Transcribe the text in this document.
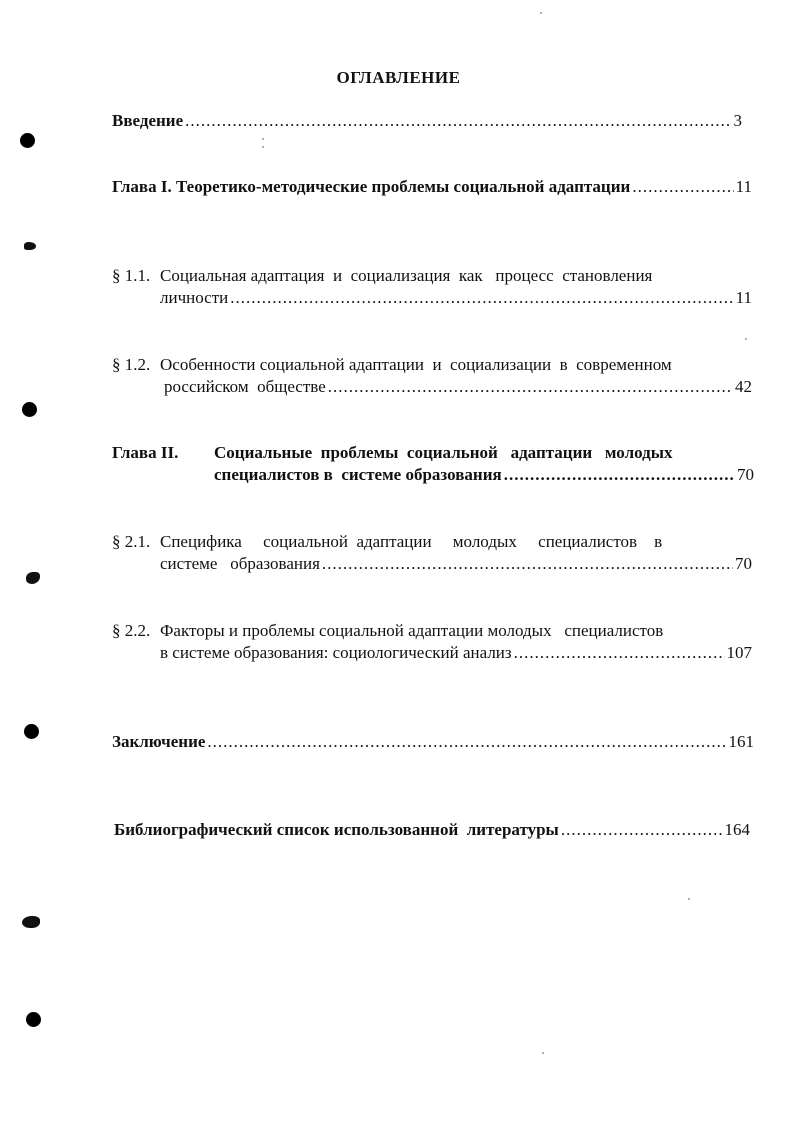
ОГЛАВЛЕНИЕ
Введение .....	3
Глава I. Теоретико-методические проблемы социальной адаптации .....	11
§ 1.1. Социальная адаптация  и  социализация  как   процесс  становления
личности .....	11
§ 1.2. Особенности социальной адаптации  и  социализации  в  современном
российском  обществе .....	42
Глава II. Социальные  проблемы  социальной   адаптации   молодых
специалистов в  системе образования .....	70
§ 2.1. Специфика     социальной  адаптации     молодых     специалистов    в
системе   образования .....	70
§ 2.2. Факторы и проблемы социальной адаптации молодых   специалистов
в системе образования: социологический анализ .....	107
Заключение .....	161
Библиографический список использованной  литературы .....	164
